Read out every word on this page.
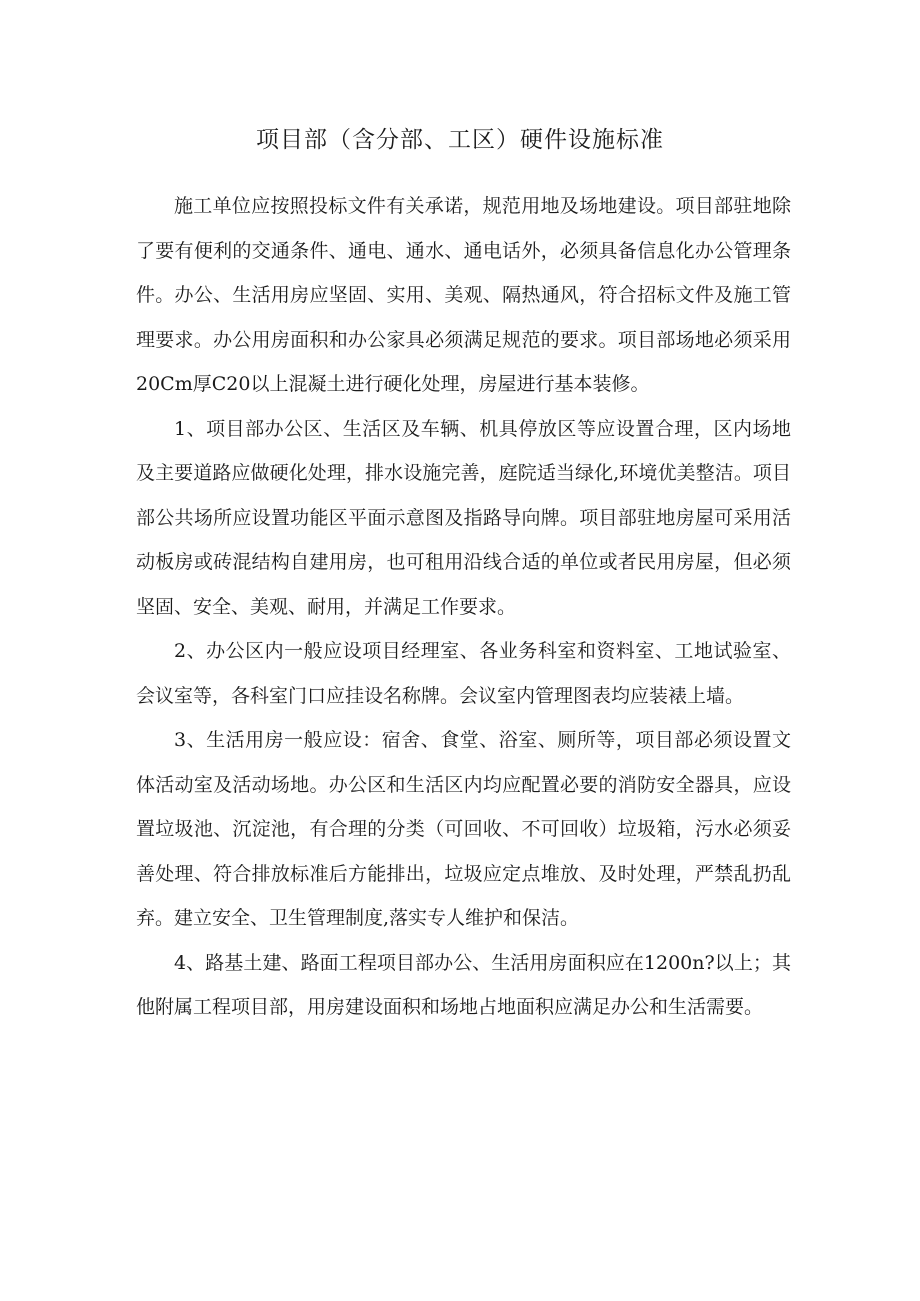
项目部（含分部、工区）硬件设施标准

施工单位应按照投标文件有关承诺，规范用地及场地建设。项目部驻地除了要有便利的交通条件、通电、通水、通电话外，必须具备信息化办公管理条件。办公、生活用房应坚固、实用、美观、隔热通风，符合招标文件及施工管理要求。办公用房面积和办公家具必须满足规范的要求。项目部场地必须采用20Cm厚C20以上混凝土进行硬化处理，房屋进行基本装修。

1、项目部办公区、生活区及车辆、机具停放区等应设置合理，区内场地及主要道路应做硬化处理，排水设施完善，庭院适当绿化,环境优美整洁。项目部公共场所应设置功能区平面示意图及指路导向牌。项目部驻地房屋可采用活动板房或砖混结构自建用房，也可租用沿线合适的单位或者民用房屋，但必须坚固、安全、美观、耐用，并满足工作要求。

2、办公区内一般应设项目经理室、各业务科室和资料室、工地试验室、会议室等，各科室门口应挂设名称牌。会议室内管理图表均应装裱上墙。

3、生活用房一般应设：宿舍、食堂、浴室、厕所等，项目部必须设置文体活动室及活动场地。办公区和生活区内均应配置必要的消防安全器具，应设置垃圾池、沉淀池，有合理的分类（可回收、不可回收）垃圾箱，污水必须妥善处理、符合排放标准后方能排出，垃圾应定点堆放、及时处理，严禁乱扔乱弃。建立安全、卫生管理制度,落实专人维护和保洁。

4、路基土建、路面工程项目部办公、生活用房面积应在1200n?以上；其他附属工程项目部，用房建设面积和场地占地面积应满足办公和生活需要。
